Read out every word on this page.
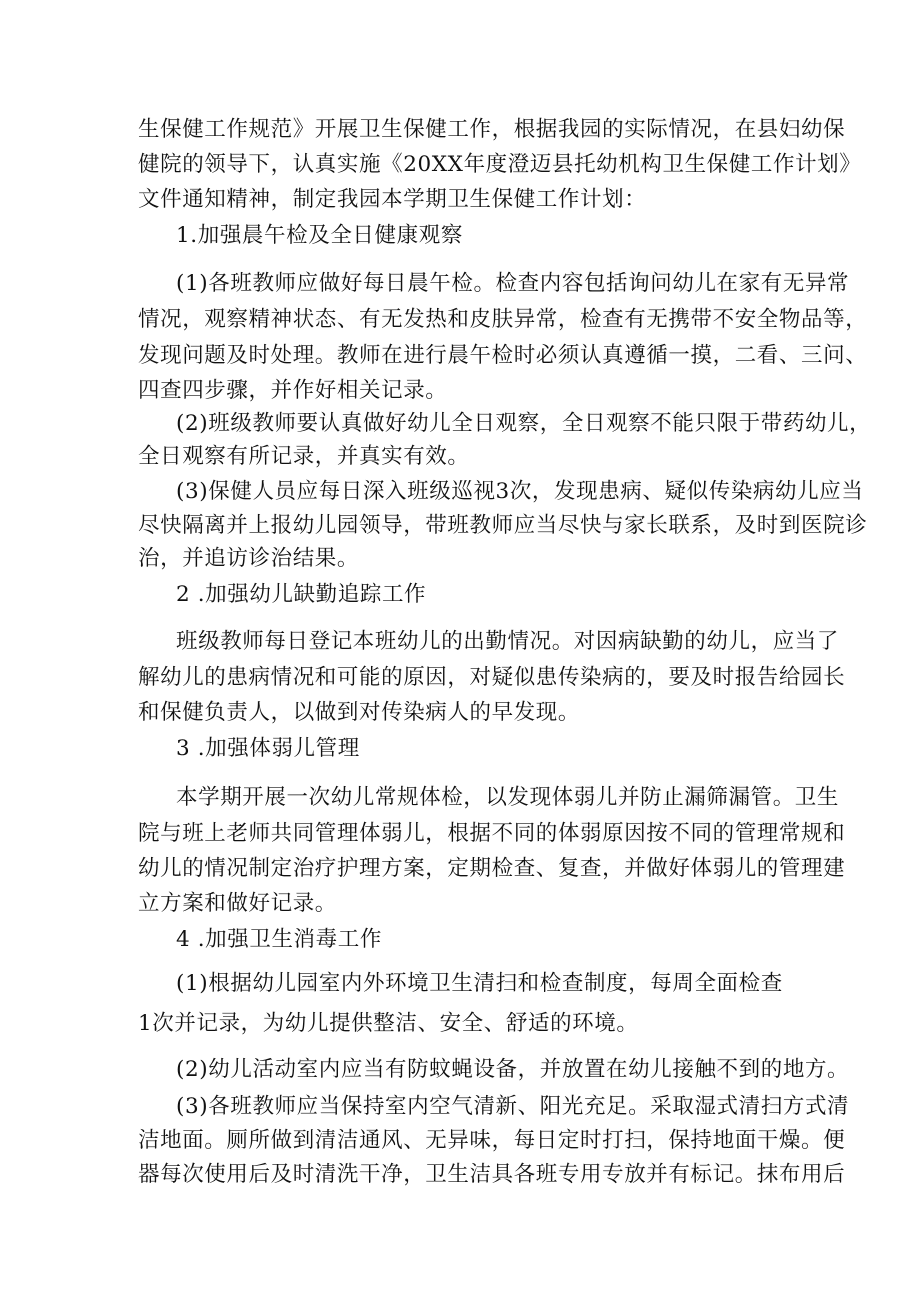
生保健工作规范》开展卫生保健工作，根据我园的实际情况，在县妇幼保
健院的领导下，认真实施《20XX年度澄迈县托幼机构卫生保健工作计划》
文件通知精神，制定我园本学期卫生保健工作计划：
1.加强晨午检及全日健康观察
(1)各班教师应做好每日晨午检。检查内容包括询问幼儿在家有无异常
情况，观察精神状态、有无发热和皮肤异常，检查有无携带不安全物品等，
发现问题及时处理。教师在进行晨午检时必须认真遵循一摸，二看、三问、
四查四步骤，并作好相关记录。
(2)班级教师要认真做好幼儿全日观察，全日观察不能只限于带药幼儿，
全日观察有所记录，并真实有效。
(3)保健人员应每日深入班级巡视3次，发现患病、疑似传染病幼儿应当
尽快隔离并上报幼儿园领导，带班教师应当尽快与家长联系，及时到医院诊
治，并追访诊治结果。
2 .加强幼儿缺勤追踪工作
班级教师每日登记本班幼儿的出勤情况。对因病缺勤的幼儿，应当了
解幼儿的患病情况和可能的原因，对疑似患传染病的，要及时报告给园长
和保健负责人，以做到对传染病人的早发现。
3 .加强体弱儿管理
本学期开展一次幼儿常规体检，以发现体弱儿并防止漏筛漏管。卫生
院与班上老师共同管理体弱儿，根据不同的体弱原因按不同的管理常规和
幼儿的情况制定治疗护理方案，定期检查、复查，并做好体弱儿的管理建
立方案和做好记录。
4 .加强卫生消毒工作
(1)根据幼儿园室内外环境卫生清扫和检查制度，每周全面检查
1次并记录，为幼儿提供整洁、安全、舒适的环境。
(2)幼儿活动室内应当有防蚊蝇设备，并放置在幼儿接触不到的地方。
(3)各班教师应当保持室内空气清新、阳光充足。采取湿式清扫方式清
洁地面。厕所做到清洁通风、无异味，每日定时打扫，保持地面干燥。便
器每次使用后及时清洗干净，卫生洁具各班专用专放并有标记。抹布用后
